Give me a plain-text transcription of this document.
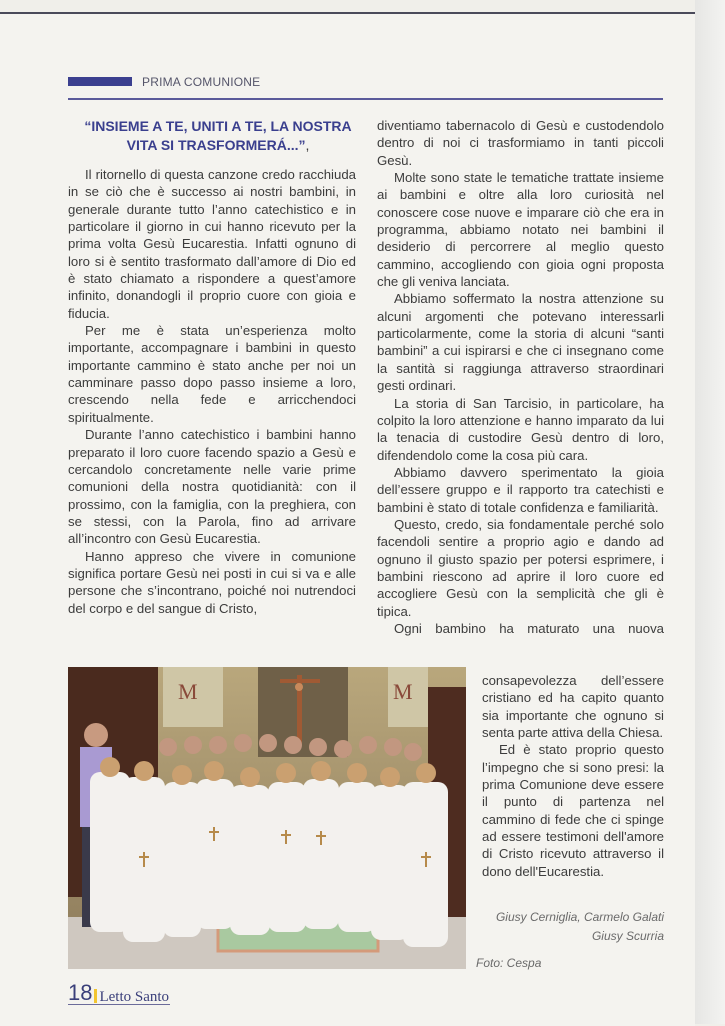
PRIMA COMUNIONE
“INSIEME A TE, UNITI A TE, LA NOSTRA VITA SI TRASFORMERÁ...”,

Il ritornello di questa canzone credo racchiuda in se ciò che è successo ai nostri bambini, in generale durante tutto l’anno catechistico e in particolare il giorno in cui hanno ricevuto per la prima volta Gesù Eucarestia. Infatti ognuno di loro si è sentito trasformato dall’amore di Dio ed è stato chiamato a rispondere a quest’amore infinito, donandogli il proprio cuore con gioia e fiducia.

Per me è stata un’esperienza molto importante, accompagnare i bambini in questo importante cammino è stato anche per noi un camminare passo dopo passo insieme a loro, crescendo nella fede e arricchendoci spiritualmente.

Durante l’anno catechistico i bambini hanno preparato il loro cuore facendo spazio a Gesù e cercandolo concretamente nelle varie prime comunioni della nostra quotidianità: con il prossimo, con la famiglia, con la preghiera, con se stessi, con la Parola, fino ad arrivare all’incontro con Gesù Eucarestia.

Hanno appreso che vivere in comunione significa portare Gesù nei posti in cui si va e alle persone che s’incontrano, poiché noi nutrendoci del corpo e del sangue di Cristo,

diventiamo tabernacolo di Gesù e custodendolo dentro di noi ci trasformiamo in tanti piccoli Gesù.

Molte sono state le tematiche trattate insieme ai bambini e oltre alla loro curiosità nel conoscere cose nuove e imparare ciò che era in programma, abbiamo notato nei bambini il desiderio di percorrere al meglio questo cammino, accogliendo con gioia ogni proposta che gli veniva lanciata.

Abbiamo soffermato la nostra attenzione su alcuni argomenti che potevano interessarli particolarmente, come la storia di alcuni “santi bambini” a cui ispirarsi e che ci insegnano come la santità si raggiunga attraverso straordinari gesti ordinari.

La storia di San Tarcisio, in particolare, ha colpito la loro attenzione e hanno imparato da lui la tenacia di custodire Gesù dentro di loro, difendendolo come la cosa più cara.

Abbiamo davvero sperimentato la gioia dell’essere gruppo e il rapporto tra catechisti e bambini è stato di totale confidenza e familiarità.

Questo, credo, sia fondamentale perché solo facendoli sentire a proprio agio e dando ad ognuno il giusto spazio per potersi esprimere, i bambini riescono ad aprire il loro cuore ed accogliere Gesù con la semplicità che gli è tipica.

Ogni bambino ha maturato una nuova

consapevolezza dell’essere cristiano ed ha capito quanto sia importante che ognuno si senta parte attiva della Chiesa.

Ed è stato proprio questo l’impegno che si sono presi: la prima Comunione deve essere il punto di partenza nel cammino di fede che ci spinge ad essere testimoni dell'amore di Cristo ricevuto attraverso il dono dell'Eucarestia.

M	M
Giusy Cerniglia, Carmelo Galati
Giusy Scurria
Foto: Cespa
18 Letto Santo
